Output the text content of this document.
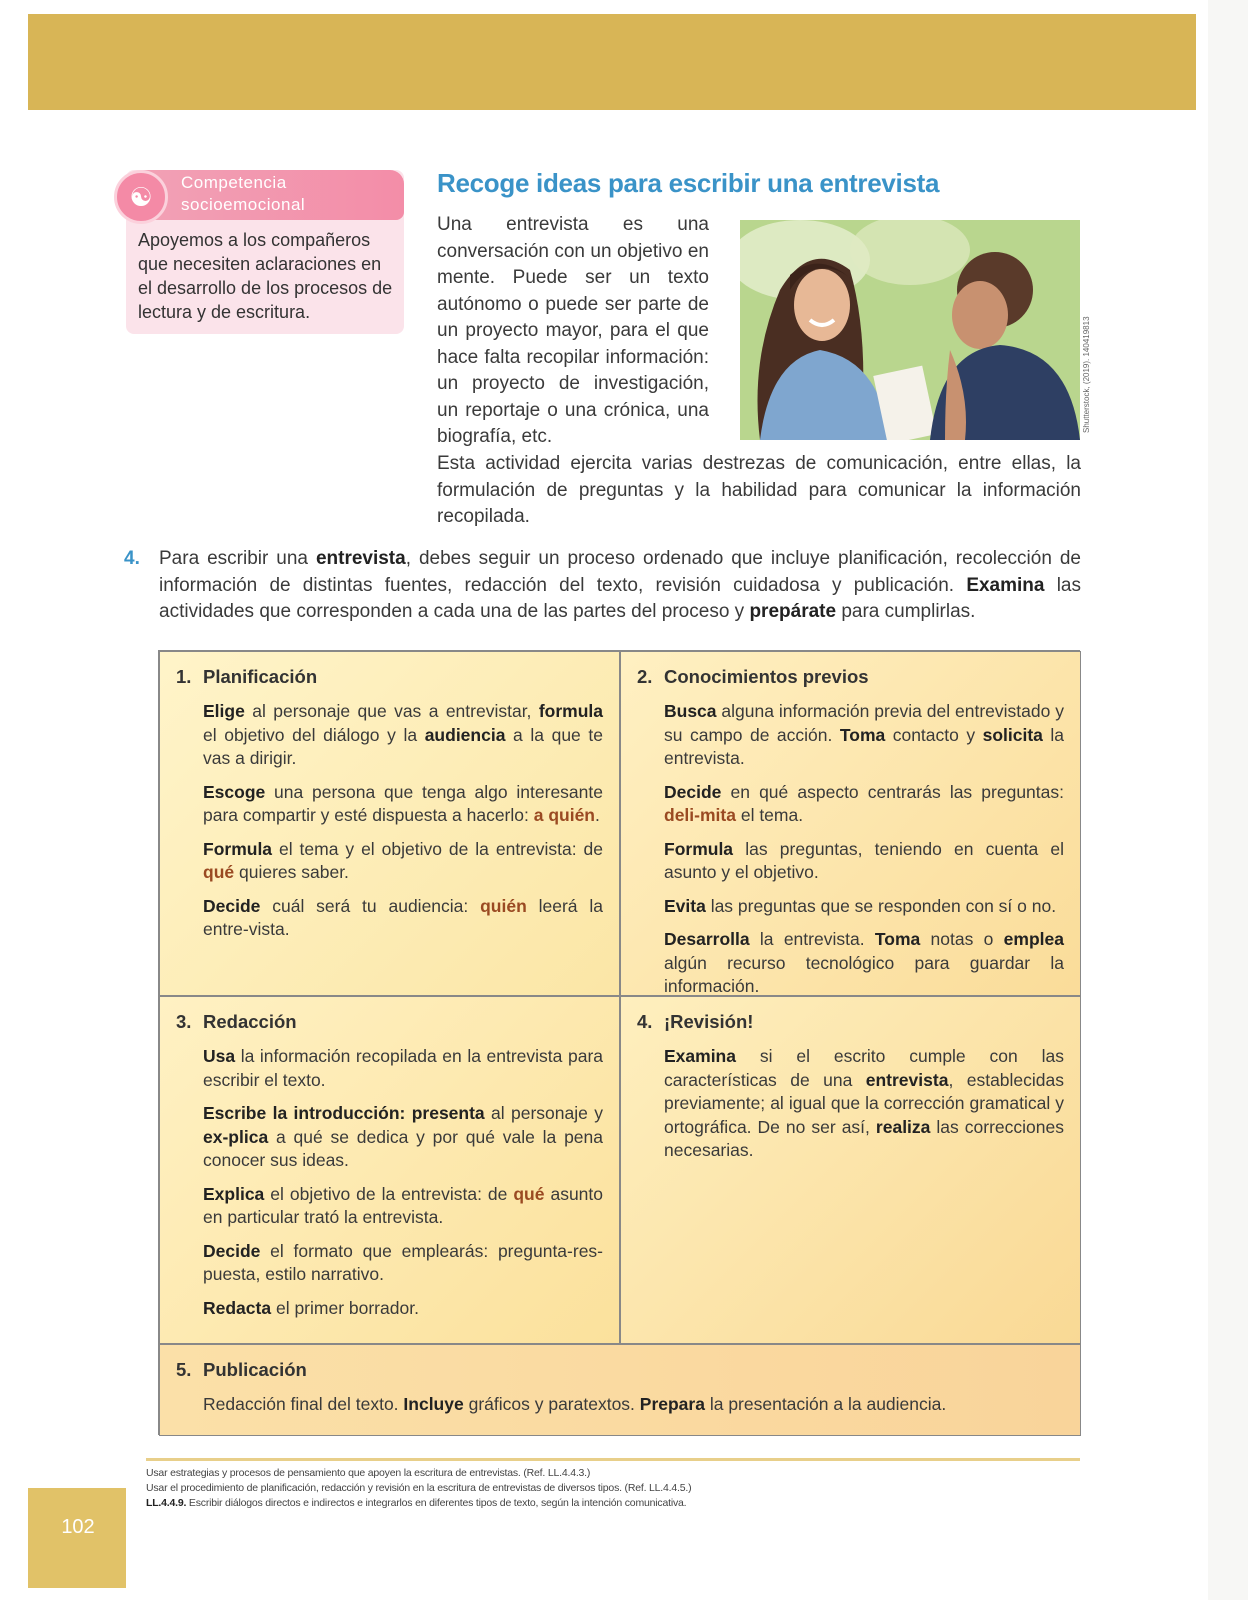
Competencia socioemocional
☯
Apoyemos a los compañeros que necesiten aclaraciones en el desarrollo de los procesos de lectura y de escritura.
Recoge ideas para escribir una entrevista
Una entrevista es una conversación con un objetivo en mente. Puede ser un texto autónomo o puede ser parte de un proyecto mayor, para el que hace falta recopilar información: un proyecto de investigación, un reportaje o una crónica, una biografía, etc.
Shutterstock, (2019). 140419813
Esta actividad ejercita varias destrezas de comunicación, entre ellas, la formulación de preguntas y la habilidad para comunicar la información recopilada.
4. Para escribir una entrevista, debes seguir un proceso ordenado que incluye planificación, recolección de información de distintas fuentes, redacción del texto, revisión cuidadosa y publicación. Examina las actividades que corresponden a cada una de las partes del proceso y prepárate para cumplirlas.
1. Planificación
Elige al personaje que vas a entrevistar, formula el objetivo del diálogo y la audiencia a la que te vas a dirigir.
Escoge una persona que tenga algo interesante para compartir y esté dispuesta a hacerlo: a quién.
Formula el tema y el objetivo de la entrevista: de qué quieres saber.
Decide cuál será tu audiencia: quién leerá la entre-vista.
2. Conocimientos previos
Busca alguna información previa del entrevistado y su campo de acción. Toma contacto y solicita la entrevista.
Decide en qué aspecto centrarás las preguntas: deli-mita el tema.
Formula las preguntas, teniendo en cuenta el asunto y el objetivo.
Evita las preguntas que se responden con sí o no.
Desarrolla la entrevista. Toma notas o emplea algún recurso tecnológico para guardar la información.
3. Redacción
Usa la información recopilada en la entrevista para escribir el texto.
Escribe la introducción: presenta al personaje y ex-plica a qué se dedica y por qué vale la pena conocer sus ideas.
Explica el objetivo de la entrevista: de qué asunto en particular trató la entrevista.
Decide el formato que emplearás: pregunta-res-puesta, estilo narrativo.
Redacta el primer borrador.
4. ¡Revisión!
Examina si el escrito cumple con las características de una entrevista, establecidas previamente; al igual que la corrección gramatical y ortográfica. De no ser así, realiza las correcciones necesarias.
5. Publicación
Redacción final del texto. Incluye gráficos y paratextos. Prepara la presentación a la audiencia.
Usar estrategias y procesos de pensamiento que apoyen la escritura de entrevistas. (Ref. LL.4.4.3.)
Usar el procedimiento de planificación, redacción y revisión en la escritura de entrevistas de diversos tipos. (Ref. LL.4.4.5.)
LL.4.4.9. Escribir diálogos directos e indirectos e integrarlos en diferentes tipos de texto, según la intención comunicativa.
102
